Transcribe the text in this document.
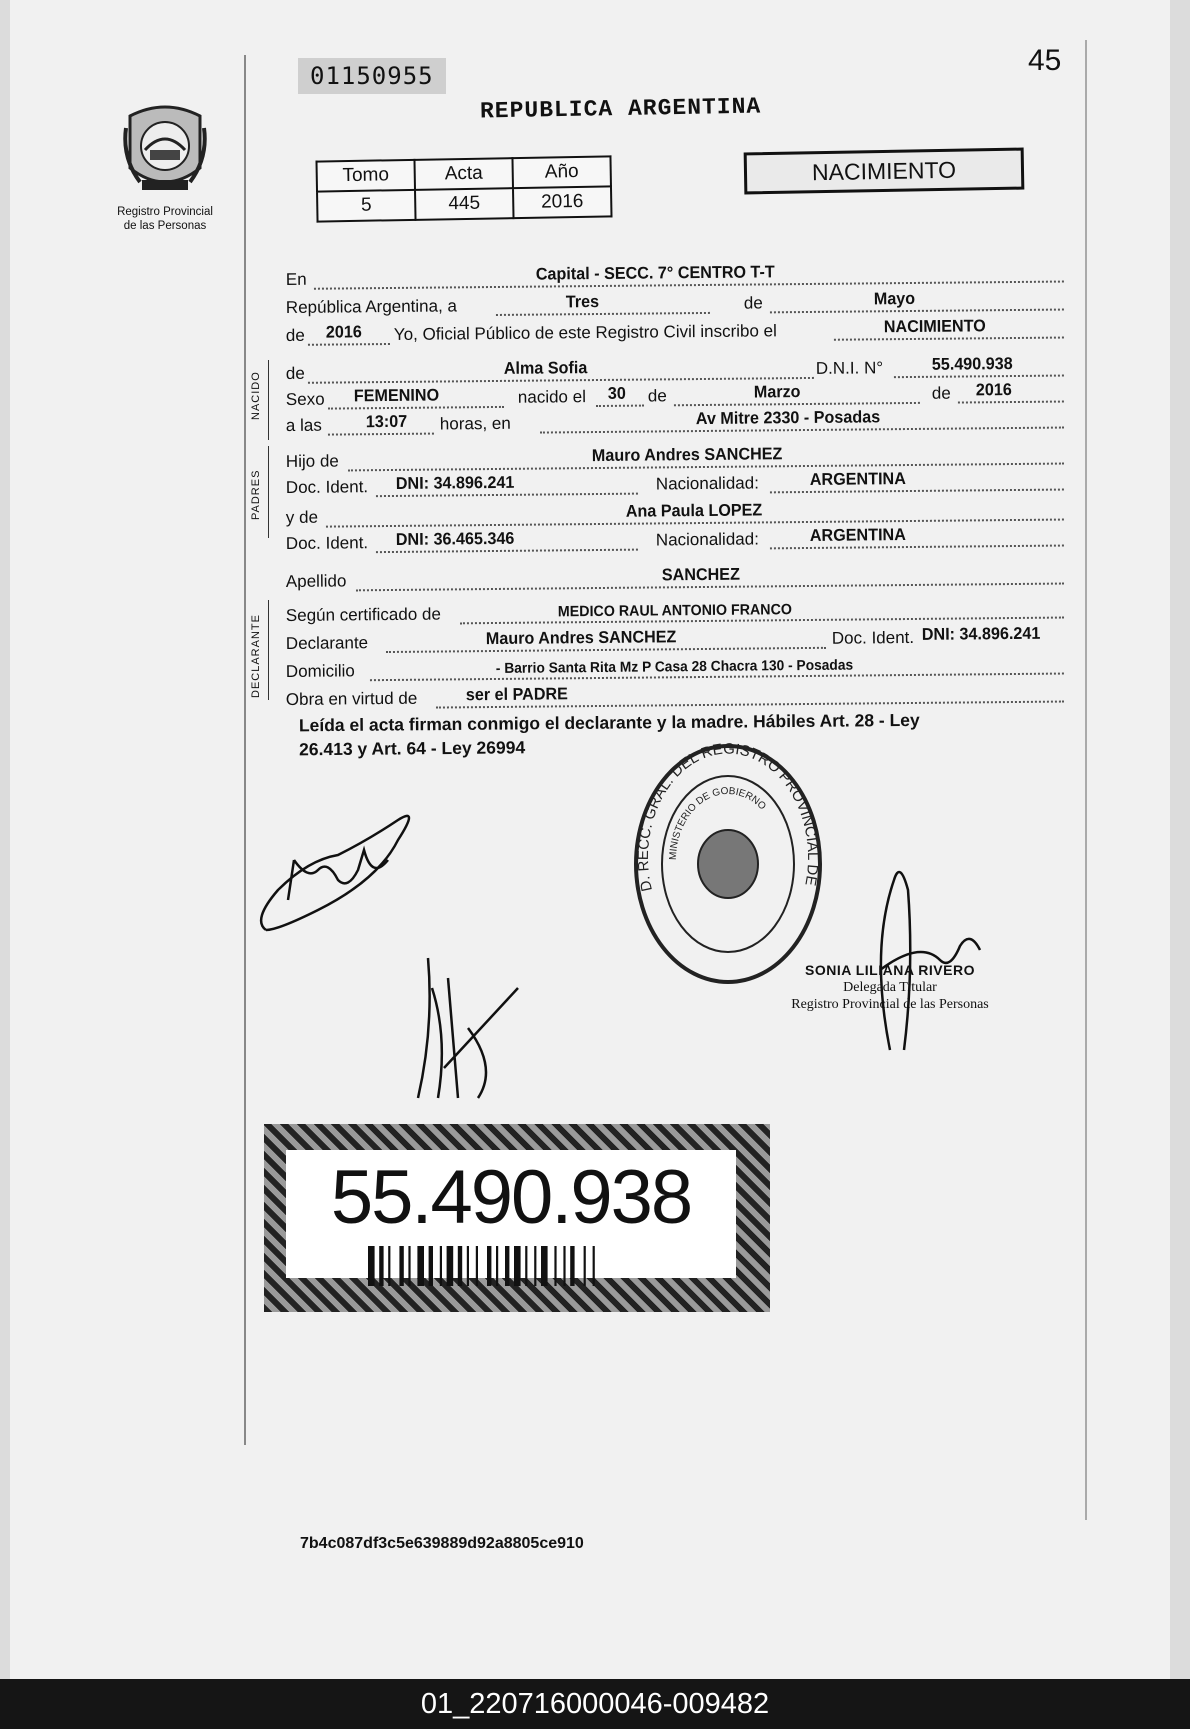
01150955	45
REPUBLICA ARGENTINA
Registro Provincial
de las Personas
Tomo	Acta	Año
5	445	2016
NACIMIENTO
En	Capital - SECC. 7° CENTRO T-T
República Argentina, a	Tres	de	Mayo
de 2016 Yo, Oficial Público de este Registro Civil inscribo el	NACIMIENTO
NACIDO de	Alma Sofia	D.N.I. N°	55.490.938
Sexo FEMENINO	nacido el 30 de	Marzo	de 2016
a las	13:07 horas, en	Av Mitre 2330 - Posadas
PADRES
Hijo de	Mauro Andres SANCHEZ
Doc. Ident. DNI: 34.896.241	Nacionalidad:	ARGENTINA
y de	Ana Paula LOPEZ
Doc. Ident. DNI: 36.465.346	Nacionalidad:	ARGENTINA
Apellido	SANCHEZ
DECLARANTE Según certificado de	MEDICO RAUL ANTONIO FRANCO
Declarante	Mauro Andres SANCHEZ	Doc. Ident. DNI: 34.896.241
Domicilio	- Barrio Santa Rita Mz P Casa 28 Chacra 130 - Posadas
Obra en virtud de	ser el PADRE
Leída el acta firman conmigo el declarante y la madre. Hábiles Art. 28 - Ley
26.413 y Art. 64 - Ley 26994
D. RECC. GRAL. DEL REGISTRO PROVINCIAL DE
MINISTERIO DE GOBIERNO
SONIA LILIANA RIVERO
Delegada Titular
Registro Provincial de las Personas
55.490.938
7b4c087df3c5e639889d92a8805ce910
01_220716000046-009482
